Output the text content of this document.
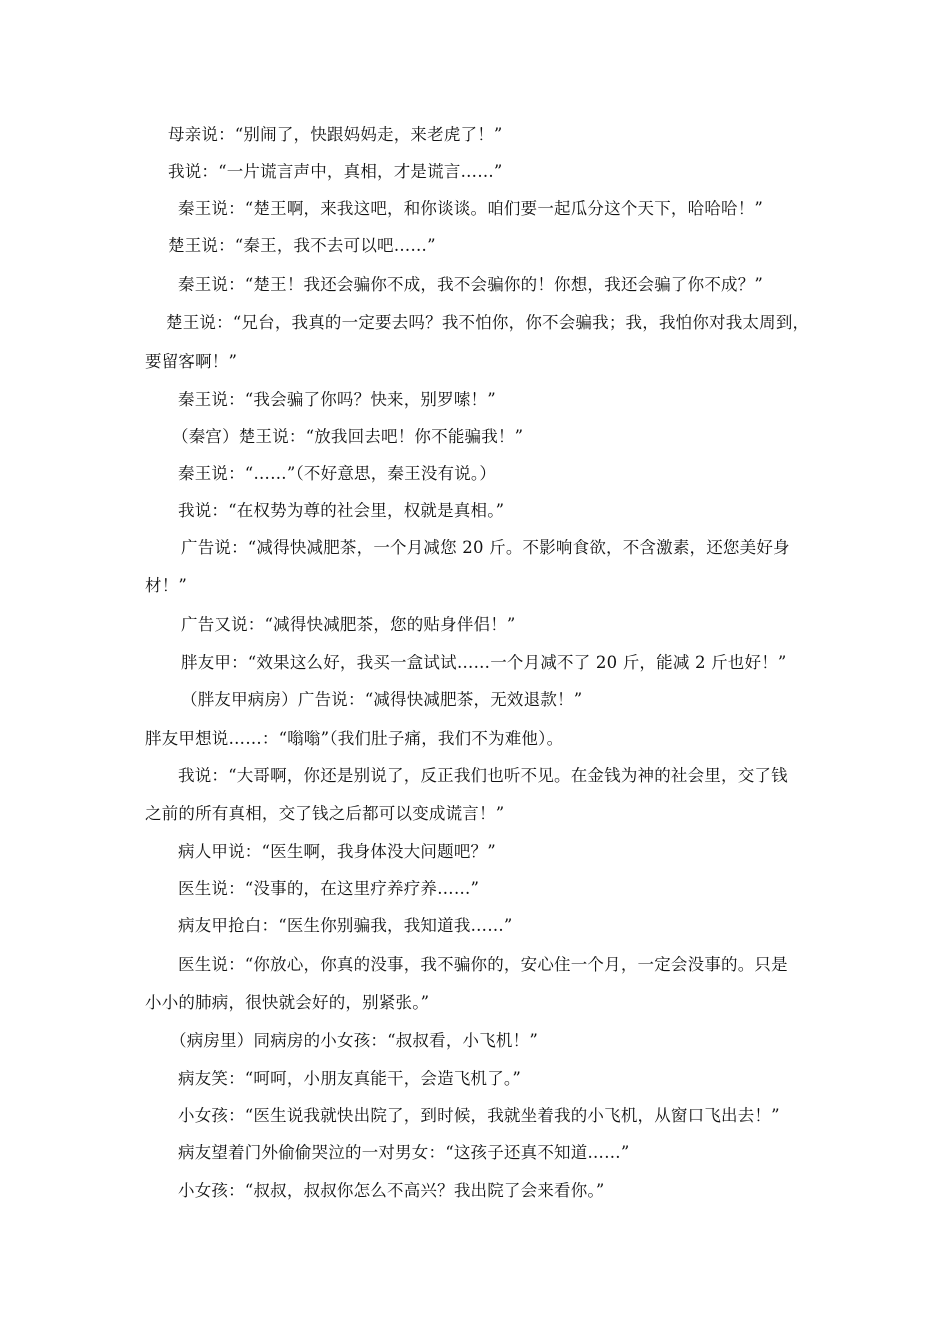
母亲说：“别闹了，快跟妈妈走，来老虎了！”
我说：“一片谎言声中，真相，才是谎言……”
秦王说：“楚王啊，来我这吧，和你谈谈。咱们要一起瓜分这个天下，哈哈哈！”
楚王说：“秦王，我不去可以吧……”
秦王说：“楚王！我还会骗你不成，我不会骗你的！你想，我还会骗了你不成？”
楚王说：“兄台，我真的一定要去吗？我不怕你，你不会骗我；我，我怕你对我太周到，
要留客啊！”
秦王说：“我会骗了你吗？快来，别罗嗦！”
（秦宫）楚王说：“放我回去吧！你不能骗我！”
秦王说：“……”（不好意思，秦王没有说。）
我说：“在权势为尊的社会里，权就是真相。”
广告说：“减得快减肥茶，一个月减您 20 斤。不影响食欲，不含激素，还您美好身
材！”
广告又说：“减得快减肥茶，您的贴身伴侣！”
胖友甲：“效果这么好，我买一盒试试……一个月减不了 20 斤，能减 2 斤也好！”
（胖友甲病房）广告说：“减得快减肥茶，无效退款！”
胖友甲想说……：“嗡嗡”（我们肚子痛，我们不为难他）。
我说：“大哥啊，你还是别说了，反正我们也听不见。在金钱为神的社会里，交了钱
之前的所有真相，交了钱之后都可以变成谎言！”
病人甲说：“医生啊，我身体没大问题吧？”
医生说：“没事的，在这里疗养疗养……”
病友甲抢白：“医生你别骗我，我知道我……”
医生说：“你放心，你真的没事，我不骗你的，安心住一个月，一定会没事的。只是
小小的肺病，很快就会好的，别紧张。”
（病房里）同病房的小女孩：“叔叔看，小飞机！”
病友笑：“呵呵，小朋友真能干，会造飞机了。”
小女孩：“医生说我就快出院了，到时候，我就坐着我的小飞机，从窗口飞出去！”
病友望着门外偷偷哭泣的一对男女：“这孩子还真不知道……”
小女孩：“叔叔，叔叔你怎么不高兴？我出院了会来看你。”
